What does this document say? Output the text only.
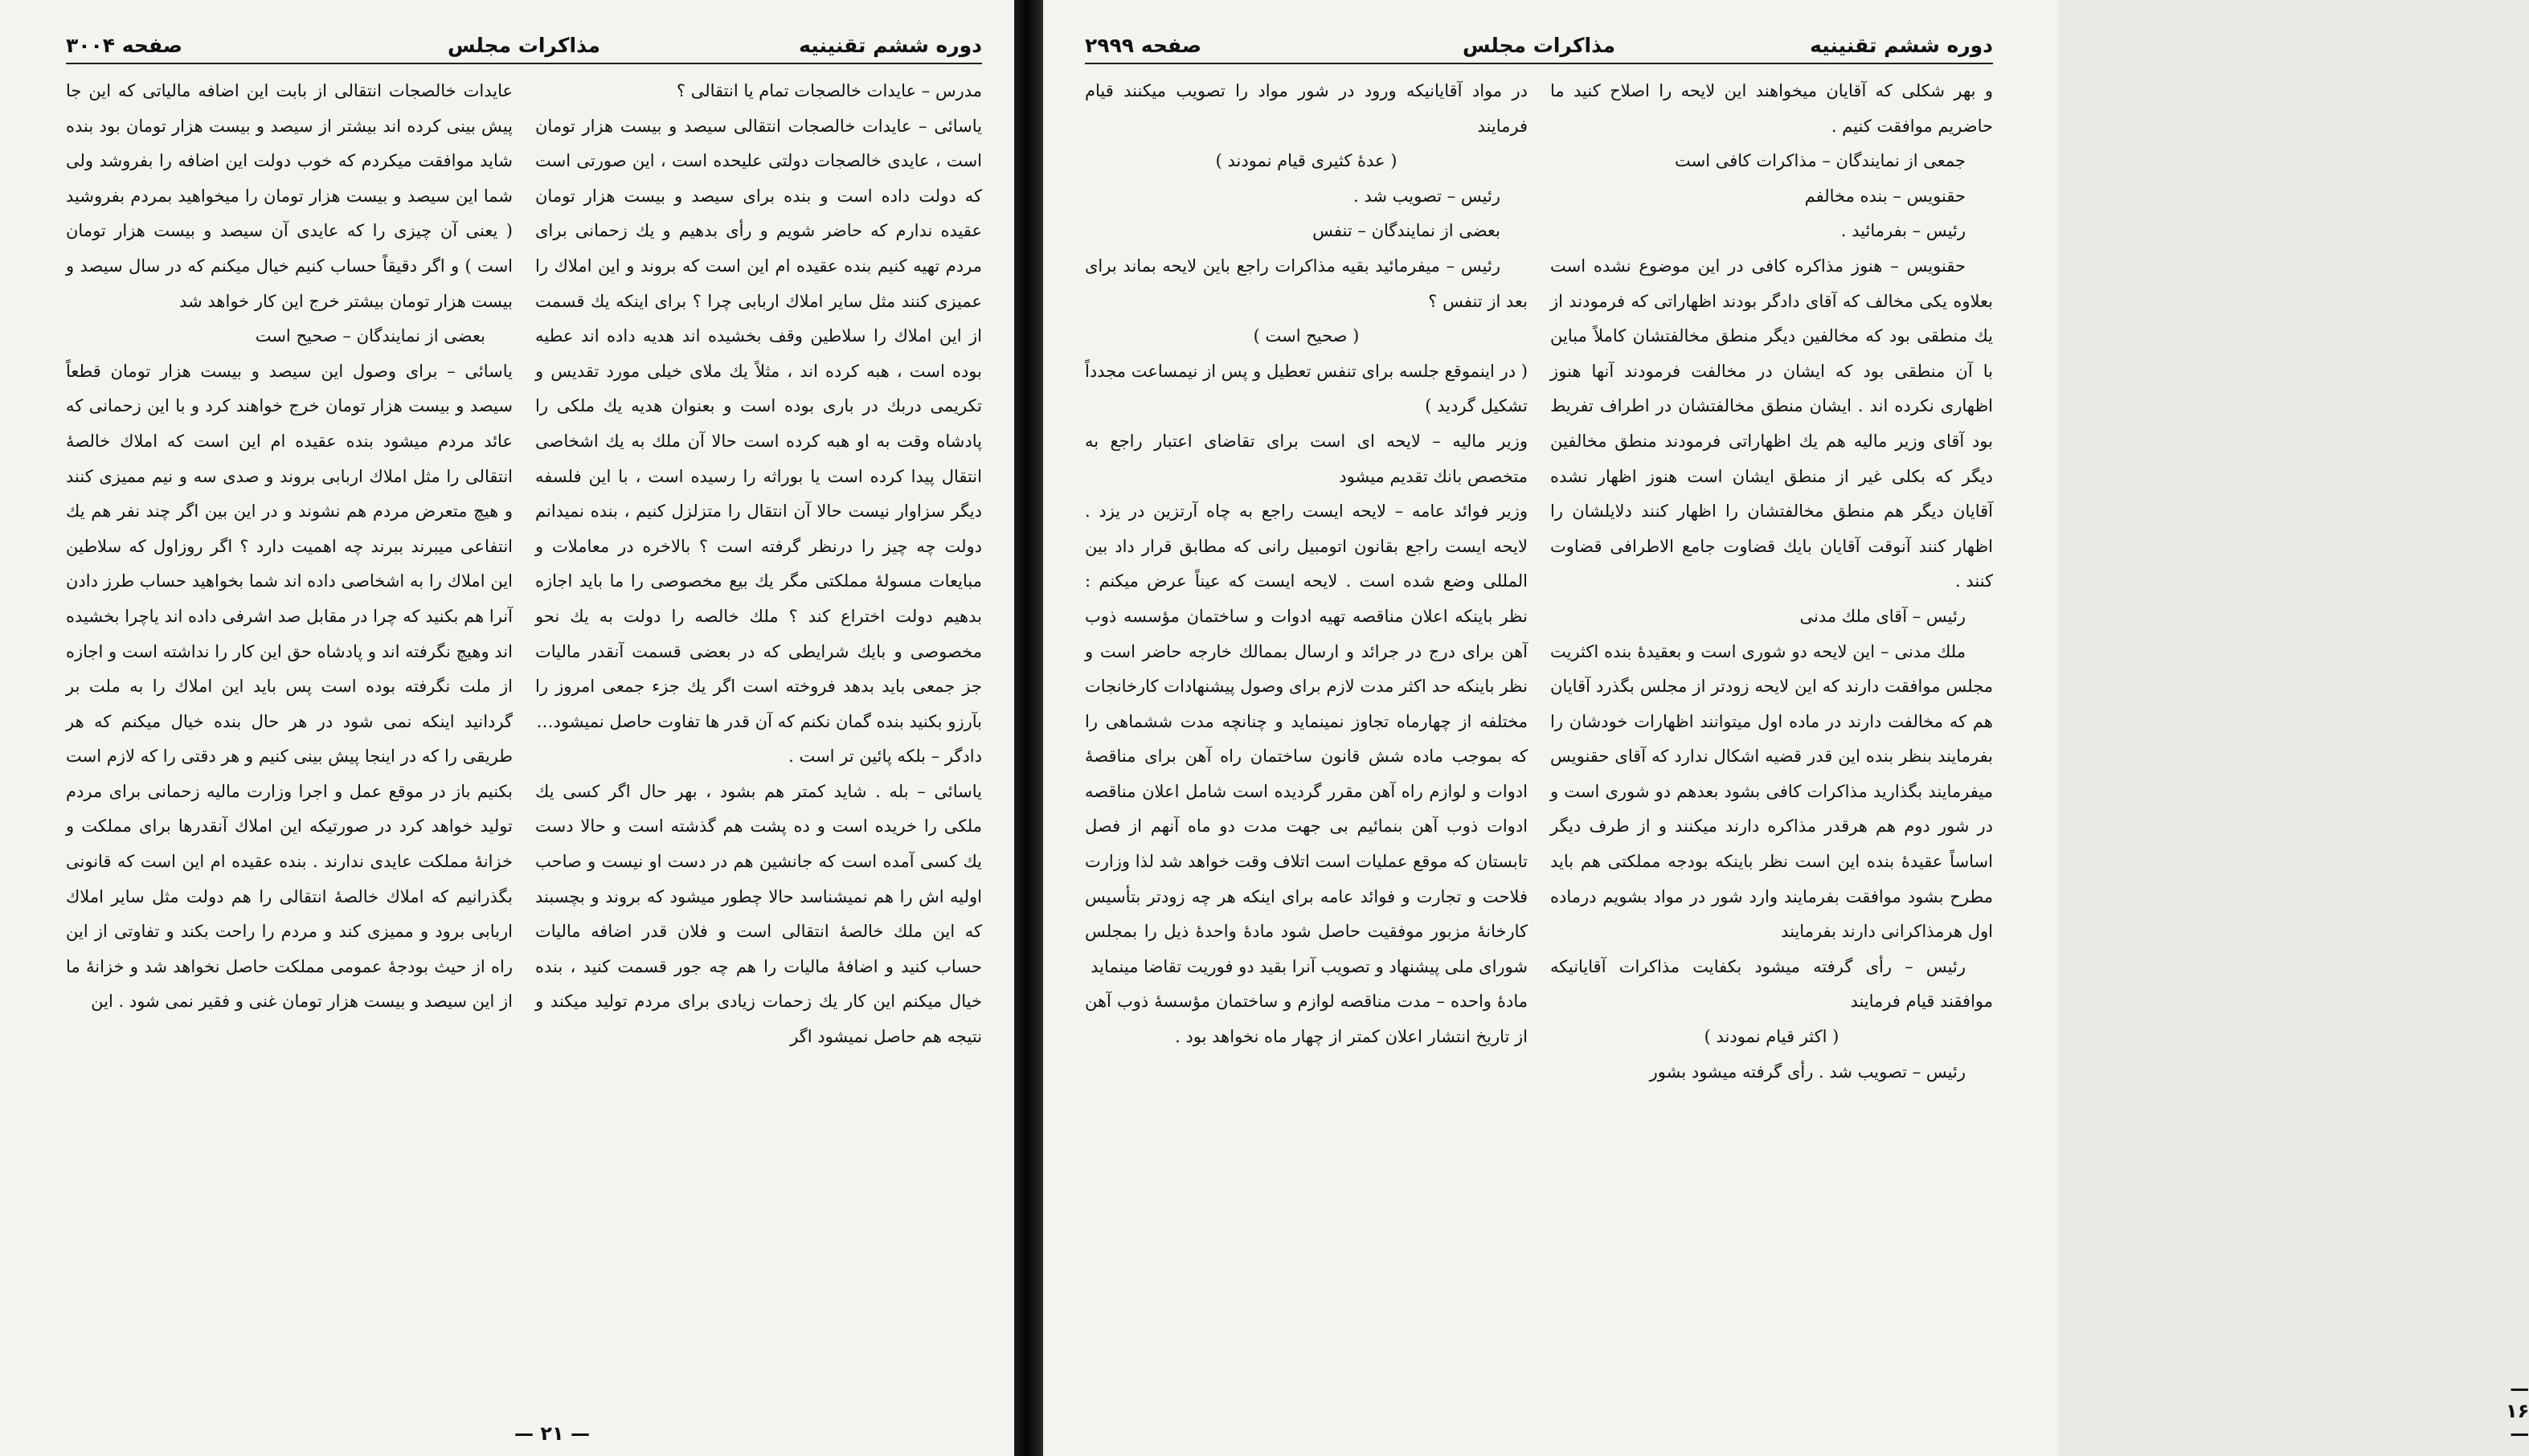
دوره ششم تقنینیه
مذاکرات مجلس
صفحه ۳۰۰۴

مدرس – عایدات خالصجات تمام یا انتقالی ؟

یاسائی – عایدات خالصجات انتقالی سیصد و بیست هزار تومان است ، عایدی خالصجات دولتی علیحده است ، این صورتی است که دولت داده است و بنده برای سیصد و بیست هزار تومان عقیده ندارم که حاضر شویم و رأی بدهیم و یك زحمانی برای مردم تهیه کنیم بنده عقیده ام این است که بروند و این املاك را عمیزی کنند مثل سایر املاك اربابی چرا ؟ برای اینکه یك قسمت از این املاك را سلاطین وقف بخشیده اند هدیه داده اند عطیه بوده است ، هبه کرده اند ، مثلاً یك ملای خیلی مورد تقدیس و تکریمی دربك در باری بوده است و بعنوان هدیه یك ملکی را پادشاه وقت به او هبه کرده است حالا آن ملك به یك اشخاصی انتقال پیدا کرده است یا بوراثه را رسیده است ، با این فلسفه دیگر سزاوار نیست حالا آن انتقال را متزلزل کنیم ، بنده نمیدانم دولت چه چیز را درنظر گرفته است ؟ بالاخره در معاملات و مبایعات مسولهٔ مملکتی مگر یك بیع مخصوصی را ما باید اجازه بدهیم دولت اختراع کند ؟ ملك خالصه را دولت به یك نحو مخصوصی و بایك شرایطی که در بعضی قسمت آنقدر مالیات جز جمعی باید بدهد فروخته است اگر یك جزء جمعی امروز را بآرزو بکنید بنده گمان نکنم که آن قدر ها تفاوت حاصل نمیشود…

دادگر – بلکه پائین تر است .

یاسائی – بله . شاید کمتر هم بشود ، بهر حال اگر کسی یك ملکی را خریده است و ده پشت هم گذشته است و حالا دست یك کسی آمده است که جانشین هم در دست او نیست و صاحب اولیه اش را هم نمیشناسد حالا چطور میشود که بروند و بچسبند که این ملك خالصهٔ انتقالی است و فلان قدر اضافه مالیات حساب کنید و اضافهٔ مالیات را هم چه جور قسمت کنید ، بنده خیال میکنم این کار یك زحمات زیادی برای مردم تولید میکند و نتیجه هم حاصل نمیشود اگر

عایدات خالصجات انتقالی از بابت این اضافه مالیاتی که این جا پیش بینی کرده اند بیشتر از سیصد و بیست هزار تومان بود بنده شاید موافقت میکردم که خوب دولت این اضافه را بفروشد ولی شما این سیصد و بیست هزار تومان را میخواهید بمردم بفروشید ( یعنی آن چیزی را که عایدی آن سیصد و بیست هزار تومان است ) و اگر دقیقاً حساب کنیم خیال میکنم که در سال سیصد و بیست هزار تومان بیشتر خرج این کار خواهد شد

بعضی از نمایندگان – صحیح است

یاسائی – برای وصول این سیصد و بیست هزار تومان قطعاً سیصد و بیست هزار تومان خرج خواهند کرد و با این زحمانی که عائد مردم میشود بنده عقیده ام این است که املاك خالصهٔ انتقالی را مثل املاك اربابی بروند و صدی سه و نیم ممیزی کنند و هیچ متعرض مردم هم نشوند و در این بین اگر چند نفر هم یك انتفاعی میبرند ببرند چه اهمیت دارد ؟ اگر روزاول که سلاطین این املاك را به اشخاصی داده اند شما بخواهید حساب طرز دادن آنرا هم بکنید که چرا در مقابل صد اشرفی داده اند یاچرا بخشیده اند وهیچ نگرفته اند و پادشاه حق این کار را نداشته است و اجازه از ملت نگرفته بوده است پس باید این املاك را به ملت بر گردانید اینکه نمی شود در هر حال بنده خیال میکنم که هر طریقی را که در اینجا پیش بینی کنیم و هر دقتی را که لازم است بکنیم باز در موقع عمل و اجرا وزارت مالیه زحمانی برای مردم تولید خواهد کرد در صورتیکه این املاك آنقدرها برای مملکت و خزانهٔ مملکت عایدی ندارند . بنده عقیده ام این است که قانونی بگذرانیم که املاك خالصهٔ انتقالی را هم دولت مثل سایر املاك اربابی برود و ممیزی کند و مردم را راحت بکند و تفاوتی از این راه از حیث بودجهٔ عمومی مملکت حاصل نخواهد شد و خزانهٔ ما از این سیصد و بیست هزار تومان غنی و فقیر نمی شود . این

— ۲۱ —
دوره ششم تقنینیه
مذاکرات مجلس
صفحه ۲۹۹۹

و بهر شکلی که آقایان میخواهند این لایحه را اصلاح کنید ما حاضریم موافقت کنیم .

جمعی از نمایندگان – مذاکرات کافی است

حقنویس – بنده مخالفم

رئیس – بفرمائید .

حقنویس – هنوز مذاکره کافی در این موضوع نشده است بعلاوه یکی مخالف که آقای دادگر بودند اظهاراتی که فرمودند از یك منطقی بود که مخالفین دیگر منطق مخالفتشان کاملاً مباین با آن منطقی بود که ایشان در مخالفت فرمودند آنها هنوز اظهاری نکرده اند . ایشان منطق مخالفتشان در اطراف تفریط بود آقای وزیر مالیه هم یك اظهاراتی فرمودند منطق مخالفین دیگر که بکلی غیر از منطق ایشان است هنوز اظهار نشده آقایان دیگر هم منطق مخالفتشان را اظهار کنند دلایلشان را اظهار کنند آنوقت آقایان بایك قضاوت جامع الاطرافی قضاوت کنند .

رئیس – آقای ملك مدنی

ملك مدنی – این لایحه دو شوری است و بعقیدهٔ بنده اکثریت مجلس موافقت دارند که این لایحه زودتر از مجلس بگذرد آقایان هم که مخالفت دارند در ماده اول میتوانند اظهارات خودشان را بفرمایند بنظر بنده این قدر قضیه اشکال ندارد که آقای حقنویس میفرمایند بگذارید مذاکرات کافی بشود بعدهم دو شوری است و در شور دوم هم هرقدر مذاکره دارند میکنند و از طرف دیگر اساساً عقیدهٔ بنده این است نظر باینکه بودجه مملکتی هم باید مطرح بشود موافقت بفرمایند وارد شور در مواد بشویم درماده اول هرمذاکرانی دارند بفرمایند

رئیس – رأی گرفته میشود بکفایت مذاکرات آقایانیکه موافقند قیام فرمایند

( اکثر قیام نمودند )

رئیس – تصویب شد . رأی گرفته میشود بشور

در مواد آقایانیکه ورود در شور مواد را تصویب میکنند قیام فرمایند

( عدهٔ کثیری قیام نمودند )

رئیس – تصویب شد .

بعضی از نمایندگان – تنفس

رئیس – میفرمائید بقیه مذاکرات راجع باین لایحه بماند برای بعد از تنفس ؟

( صحیح است )

( در اینموقع جلسه برای تنفس تعطیل و پس از نیمساعت مجدداً تشکیل گردید )

وزیر مالیه – لایحه ای است برای تقاضای اعتبار راجع به متخصص بانك تقدیم میشود

وزیر فوائد عامه – لایحه ایست راجع به چاه آرتزین در یزد . لایحه ایست راجع بقانون اتومبیل رانی که مطابق قرار داد بین المللی وضع شده است . لایحه ایست که عیناً عرض میکنم : نظر باینکه اعلان مناقصه تهیه ادوات و ساختمان مؤسسه ذوب آهن برای درج در جرائد و ارسال بممالك خارجه حاضر است و نظر باینکه حد اکثر مدت لازم برای وصول پیشنهادات کارخانجات مختلفه از چهارماه تجاوز نمینماید و چنانچه مدت ششماهی را که بموجب ماده شش قانون ساختمان راه آهن برای مناقصهٔ ادوات و لوازم راه آهن مقرر گردیده است شامل اعلان مناقصه ادوات ذوب آهن بنمائیم بی جهت مدت دو ماه آنهم از فصل تابستان که موقع عملیات است اتلاف وقت خواهد شد لذا وزارت فلاحت و تجارت و فوائد عامه برای اینکه هر چه زودتر بتأسیس کارخانهٔ مزبور موفقیت حاصل شود مادهٔ واحدهٔ ذیل را بمجلس شورای ملی پیشنهاد و تصویب آنرا بقید دو فوریت تقاضا مینماید

مادهٔ واحده – مدت مناقصه لوازم و ساختمان مؤسسهٔ ذوب آهن از تاریخ انتشار اعلان کمتر از چهار ماه نخواهد بود .

— ۱۶ —
